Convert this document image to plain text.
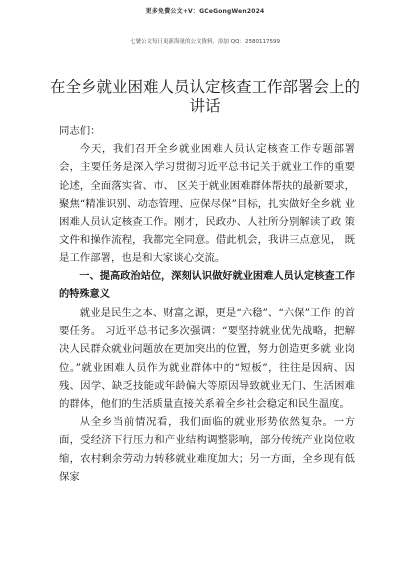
更多免費公文+V：GCeGongWen2024
七號公文每日更新海量的公文資料，添加 QQ：2580117599
在全乡就业困难人员认定核查工作部署会上的讲话

同志们：

今天，我们召开全乡就业困难人员认定核查工作专题部署会，主要任务是深入学习贯彻习近平总书记关于就业工作的重要论述，全面落实省、市、 区关于就业困难群体帮扶的最新要求，聚焦“精准识别、动态管理、应保尽保”目标，扎实做好全乡就 业困难人员认定核查工作。刚才，民政办、人社所分别解读了政 策文件和操作流程，我都完全同意。借此机会，我讲三点意见， 既是工作部署，也是和大家谈心交流。

一、提高政治站位，深刻认识做好就业困难人员认定核查工作的特殊意义

就业是民生之本、财富之源，更是“六稳”、“六保”工作 的首要任务。 习近平总书记多次强调：“要坚持就业优先战略，把解决人民群众就业问题放在更加突出的位置，努力创造更多就 业岗位。”就业困难人员作为就业群体中的“短板”，往往是因病、因残、因学、缺乏技能或年龄偏大等原因导致就业无门、生活困难的群体，他们的生活质量直接关系着全乡社会稳定和民生温度。

从全乡当前情况看，我们面临的就业形势依然复杂。一方面，受经济下行压力和产业结构调整影响，部分传统产业岗位收缩，农村剩余劳动力转移就业难度加大；另一方面，全乡现有低保家
